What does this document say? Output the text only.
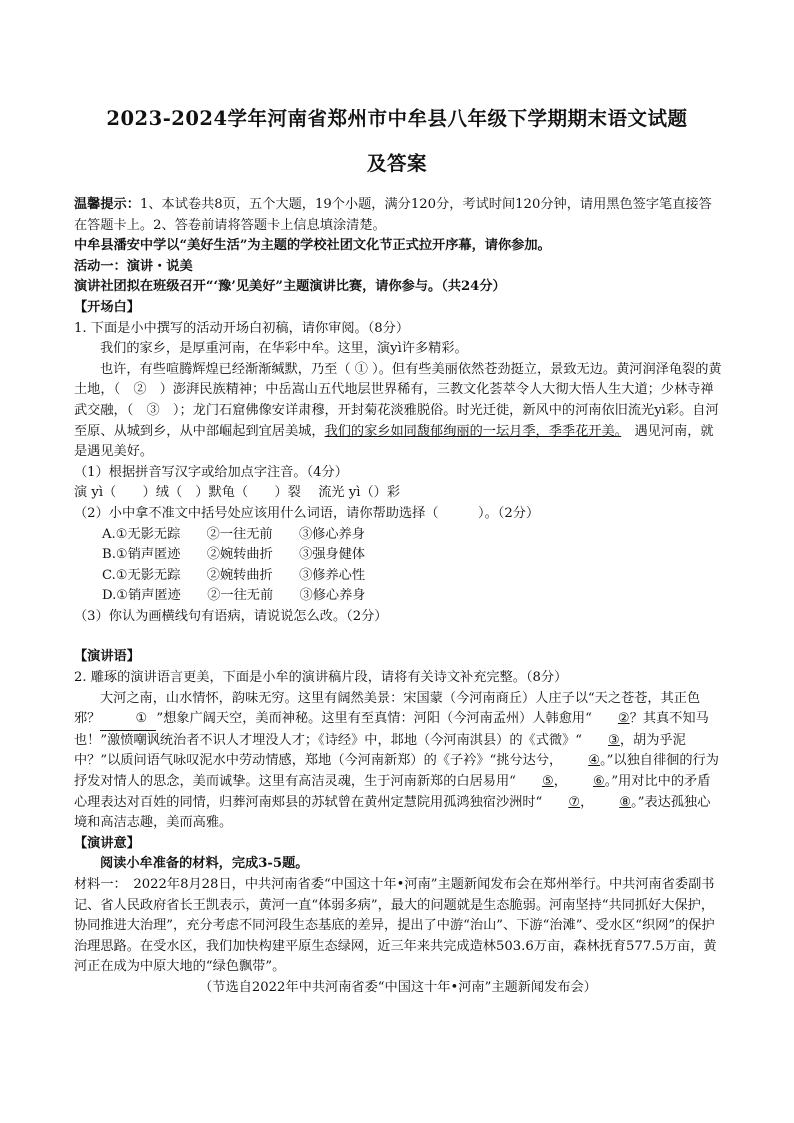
2023-2024学年河南省郑州市中牟县八年级下学期期末语文试题
及答案

温馨提示：1、本试卷共8页，五个大题，19个小题，满分120分，考试时间120分钟，请用黑色签字笔直接答在答题卡上。2、答卷前请将答题卡上信息填涂清楚。

中牟县潘安中学以“美好生活”为主题的学校社团文化节正式拉开序幕，请你参加。

活动一：演讲・说美

演讲社团拟在班级召开“‘豫’见美好”主题演讲比赛，请你参与。（共24分）

【开场白】

1. 下面是小中撰写的活动开场白初稿，请你审阅。（8分）

我们的家乡，是厚重河南，在华彩中牟。这里，演yì许多精彩。

也许，有些喧腾辉煌已经渐渐缄默，乃至（ ① ）。但有些美丽依然苍劲挺立，景致无边。黄河润泽龟裂的黄土地，（　②　）澎湃民族精神；中岳嵩山五代地层世界稀有，三教文化荟萃令人大彻大悟人生大道；少林寺禅武交融，（　③　）；龙门石窟佛像安详肃穆，开封菊花淡雅脱俗。时光迁徙，新风中的河南依旧流光yì彩。自河至原、从城到乡，从中部崛起到宜居美城，我们的家乡如同馥郁绚丽的一坛月季，季季花开美。　 遇见河南，就是遇见美好。

（1）根据拼音写汉字或给加点字注音。（4分）

演 yì（　　）绒（　）默龟（　　）裂　 流光 yì（）彩

（2）小中拿不准文中括号处应该用什么词语，请你帮助选择（　　　）。（2分）

A.①无影无踪　　②一往无前　　③修心养身

B.①销声匿迹　　②婉转曲折　　③强身健体

C.①无影无踪　　②婉转曲折　　③修养心性

D.①销声匿迹　　②一往无前　　③修心养身

（3）你认为画横线句有语病，请说说怎么改。（2分）

【演讲语】

2. 雕琢的演讲语言更美，下面是小牟的演讲稿片段，请将有关诗文补充完整。（8分）

大河之南，山水情怀，韵味无穷。这里有阔然美景：宋国蒙（今河南商丘）人庄子以“天之苍苍，其正色邪？	① ”想象广阔天空，美而神秘。这里有至真情：河阳（今河南孟州）人韩愈用“ ②？其真不知马也！”激愤嘲讽统治者不识人才埋没人才；《诗经》中，邶地（今河南淇县）的《式微》“ ③，胡为乎泥中？”以质问语气咏叹泥水中劳动情感，郑地（今河南新郑）的《子衿》“挑兮达兮， ④。”以独自徘徊的行为抒发对情人的思念，美而诚挚。这里有高洁灵魂，生于河南新郑的白居易用“ ⑤， ⑥。”用对比中的矛盾心理表达对百姓的同情，归葬河南郏县的苏轼曾在黄州定慧院用孤鸿独宿沙洲时“ ⑦， ⑧。”表达孤独心境和高洁志趣，美而高雅。

【演讲意】

阅读小牟准备的材料，完成3-5题。

材料一：　2022年8月28日，中共河南省委“中国这十年•河南”主题新闻发布会在郑州举行。中共河南省委副书记、省人民政府省长王凯表示，黄河一直“体弱多病”，最大的问题就是生态脆弱。河南坚持“共同抓好大保护，协同推进大治理”，充分考虑不同河段生态基底的差异，提出了中游“治山”、下游“治滩”、受水区“织网”的保护治理思路。在受水区，我们加快构建平原生态绿网，近三年来共完成造林503.6万亩，森林抚育577.5万亩，黄河正在成为中原大地的“绿色飘带”。

（节选自2022年中共河南省委“中国这十年•河南”主题新闻发布会）
